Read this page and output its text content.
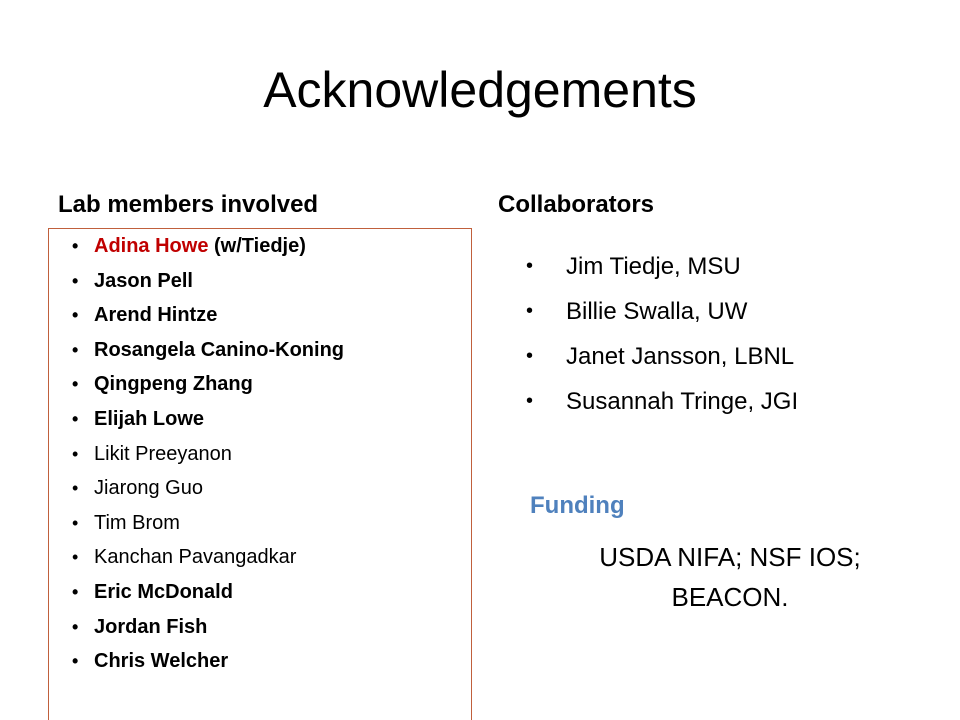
Acknowledgements
Lab members involved	Collaborators
• Adina Howe (w/Tiedje)
• Jason Pell
• Arend Hintze
• Rosangela Canino-Koning
• Qingpeng Zhang
• Elijah Lowe
• Likit Preeyanon
• Jiarong Guo
• Tim Brom
• Kanchan Pavangadkar
• Eric McDonald
• Jordan Fish
• Chris Welcher
• Jim Tiedje, MSU
• Billie Swalla, UW
• Janet Jansson, LBNL
• Susannah Tringe, JGI
Funding
USDA NIFA; NSF IOS;
BEACON.
